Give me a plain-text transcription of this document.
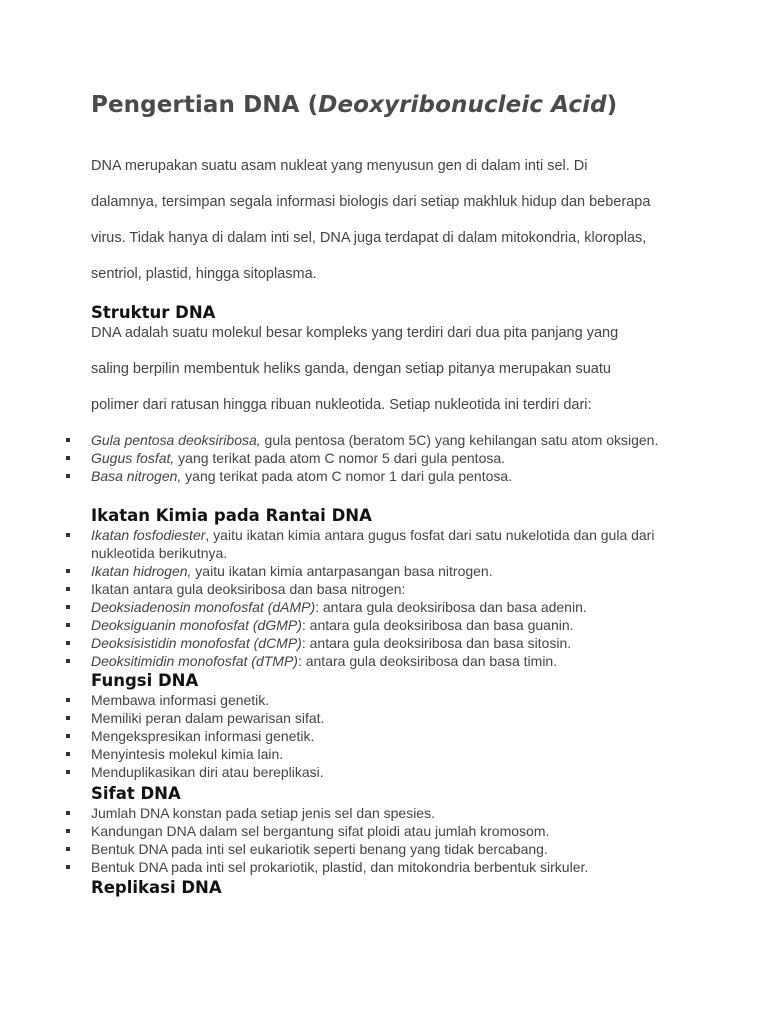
Pengertian DNA (Deoxyribonucleic Acid)

DNA merupakan suatu asam nukleat yang menyusun gen di dalam inti sel. Di

dalamnya, tersimpan segala informasi biologis dari setiap makhluk hidup dan beberapa

virus. Tidak hanya di dalam inti sel, DNA juga terdapat di dalam mitokondria, kloroplas,

sentriol, plastid, hingga sitoplasma.

Struktur DNA

DNA adalah suatu molekul besar kompleks yang terdiri dari dua pita panjang yang

saling berpilin membentuk heliks ganda, dengan setiap pitanya merupakan suatu

polimer dari ratusan hingga ribuan nukleotida. Setiap nukleotida ini terdiri dari:

Gula pentosa deoksiribosa, gula pentosa (beratom 5C) yang kehilangan satu atom oksigen.
Gugus fosfat, yang terikat pada atom C nomor 5 dari gula pentosa.
Basa nitrogen, yang terikat pada atom C nomor 1 dari gula pentosa.
Ikatan Kimia pada Rantai DNA
Ikatan fosfodiester, yaitu ikatan kimia antara gugus fosfat dari satu nukelotida dan gula dari nukleotida berikutnya.
Ikatan hidrogen, yaitu ikatan kimia antarpasangan basa nitrogen.
Ikatan antara gula deoksiribosa dan basa nitrogen:
Deoksiadenosin monofosfat (dAMP): antara gula deoksiribosa dan basa adenin.
Deoksiguanin monofosfat (dGMP): antara gula deoksiribosa dan basa guanin.
Deoksisistidin monofosfat (dCMP): antara gula deoksiribosa dan basa sitosin.
Deoksitimidin monofosfat (dTMP): antara gula deoksiribosa dan basa timin.
Fungsi DNA
Membawa informasi genetik.
Memiliki peran dalam pewarisan sifat.
Mengekspresikan informasi genetik.
Menyintesis molekul kimia lain.
Menduplikasikan diri atau bereplikasi.
Sifat DNA
Jumlah DNA konstan pada setiap jenis sel dan spesies.
Kandungan DNA dalam sel bergantung sifat ploidi atau jumlah kromosom.
Bentuk DNA pada inti sel eukariotik seperti benang yang tidak bercabang.
Bentuk DNA pada inti sel prokariotik, plastid, dan mitokondria berbentuk sirkuler.
Replikasi DNA
